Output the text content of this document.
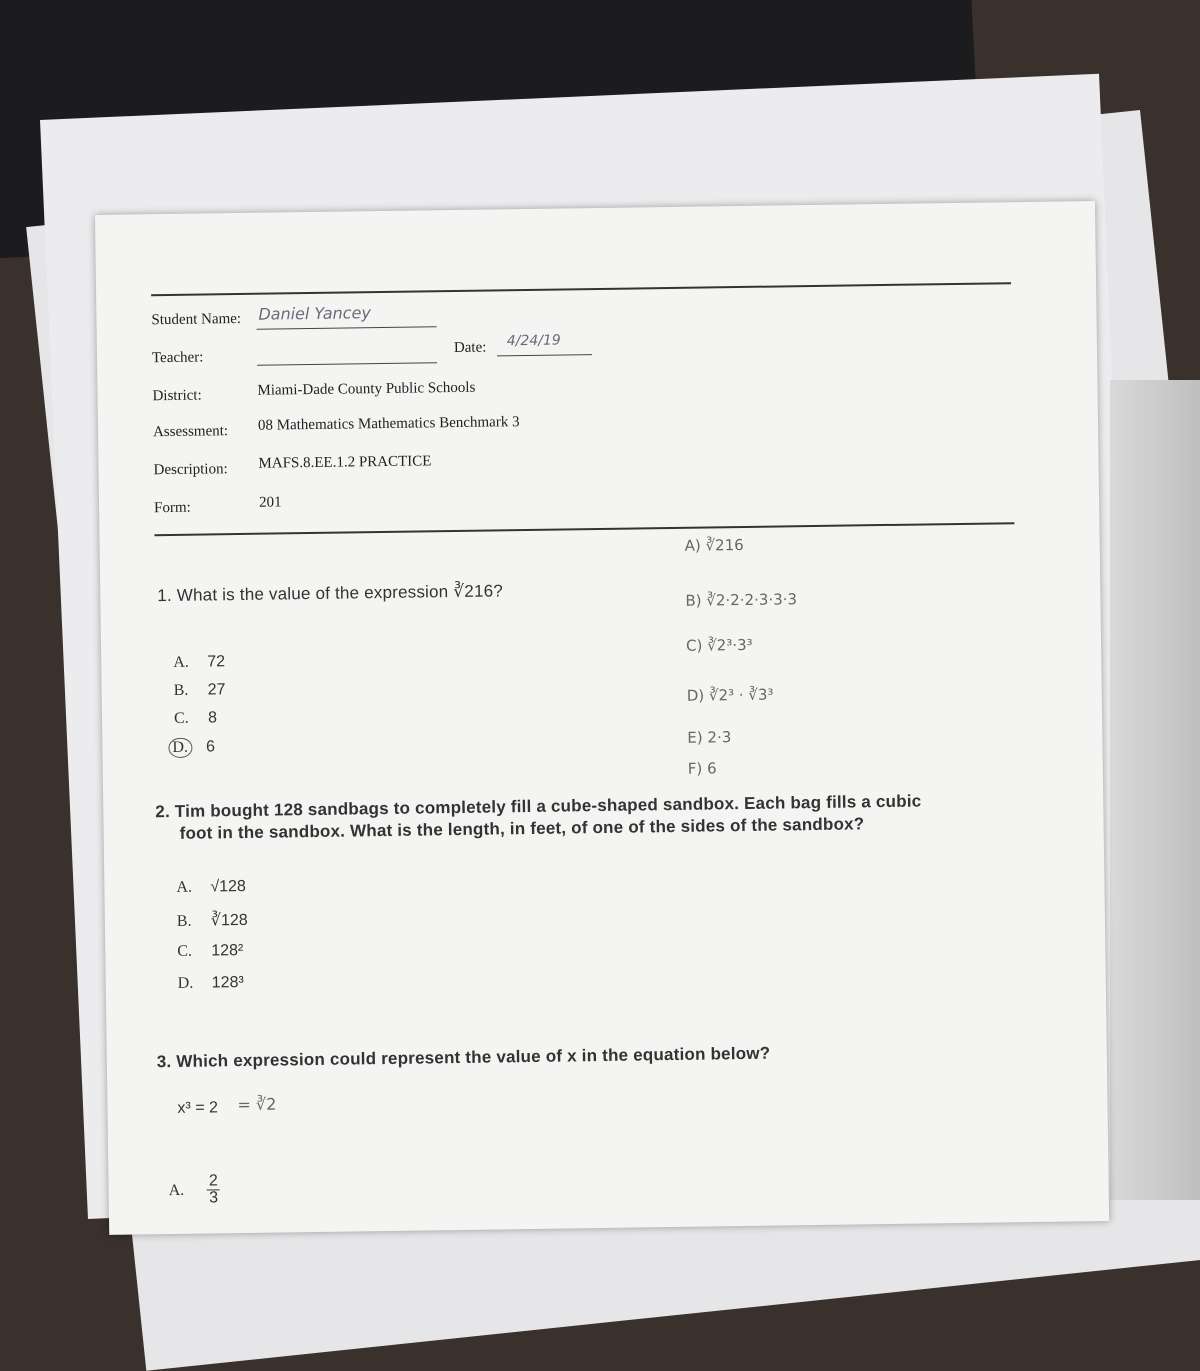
Student Name: Daniel Yancey
Teacher:
Date: 4/24/19
District:	Miami-Dade County Public Schools
Assessment: 08 Mathematics Mathematics Benchmark 3
Description: MAFS.8.EE.1.2 PRACTICE
Form:	201
1. What is the value of the expression ∛216?
A. 72
B. 27
C. 8
D. 6
A) ∛216
B) ∛2·2·2·3·3·3
C) ∛2³·3³
D) ∛2³ · ∛3³
E) 2·3
F) 6
2. Tim bought 128 sandbags to completely fill a cube-shaped sandbox. Each bag fills a cubic
foot in the sandbox. What is the length, in feet, of one of the sides of the sandbox?
A. √128
B. ∛128
C. 128²
D. 128³
3. Which expression could represent the value of x in the equation below?
x³ = 2 = ∛2
A. $\frac{2}{3}$
